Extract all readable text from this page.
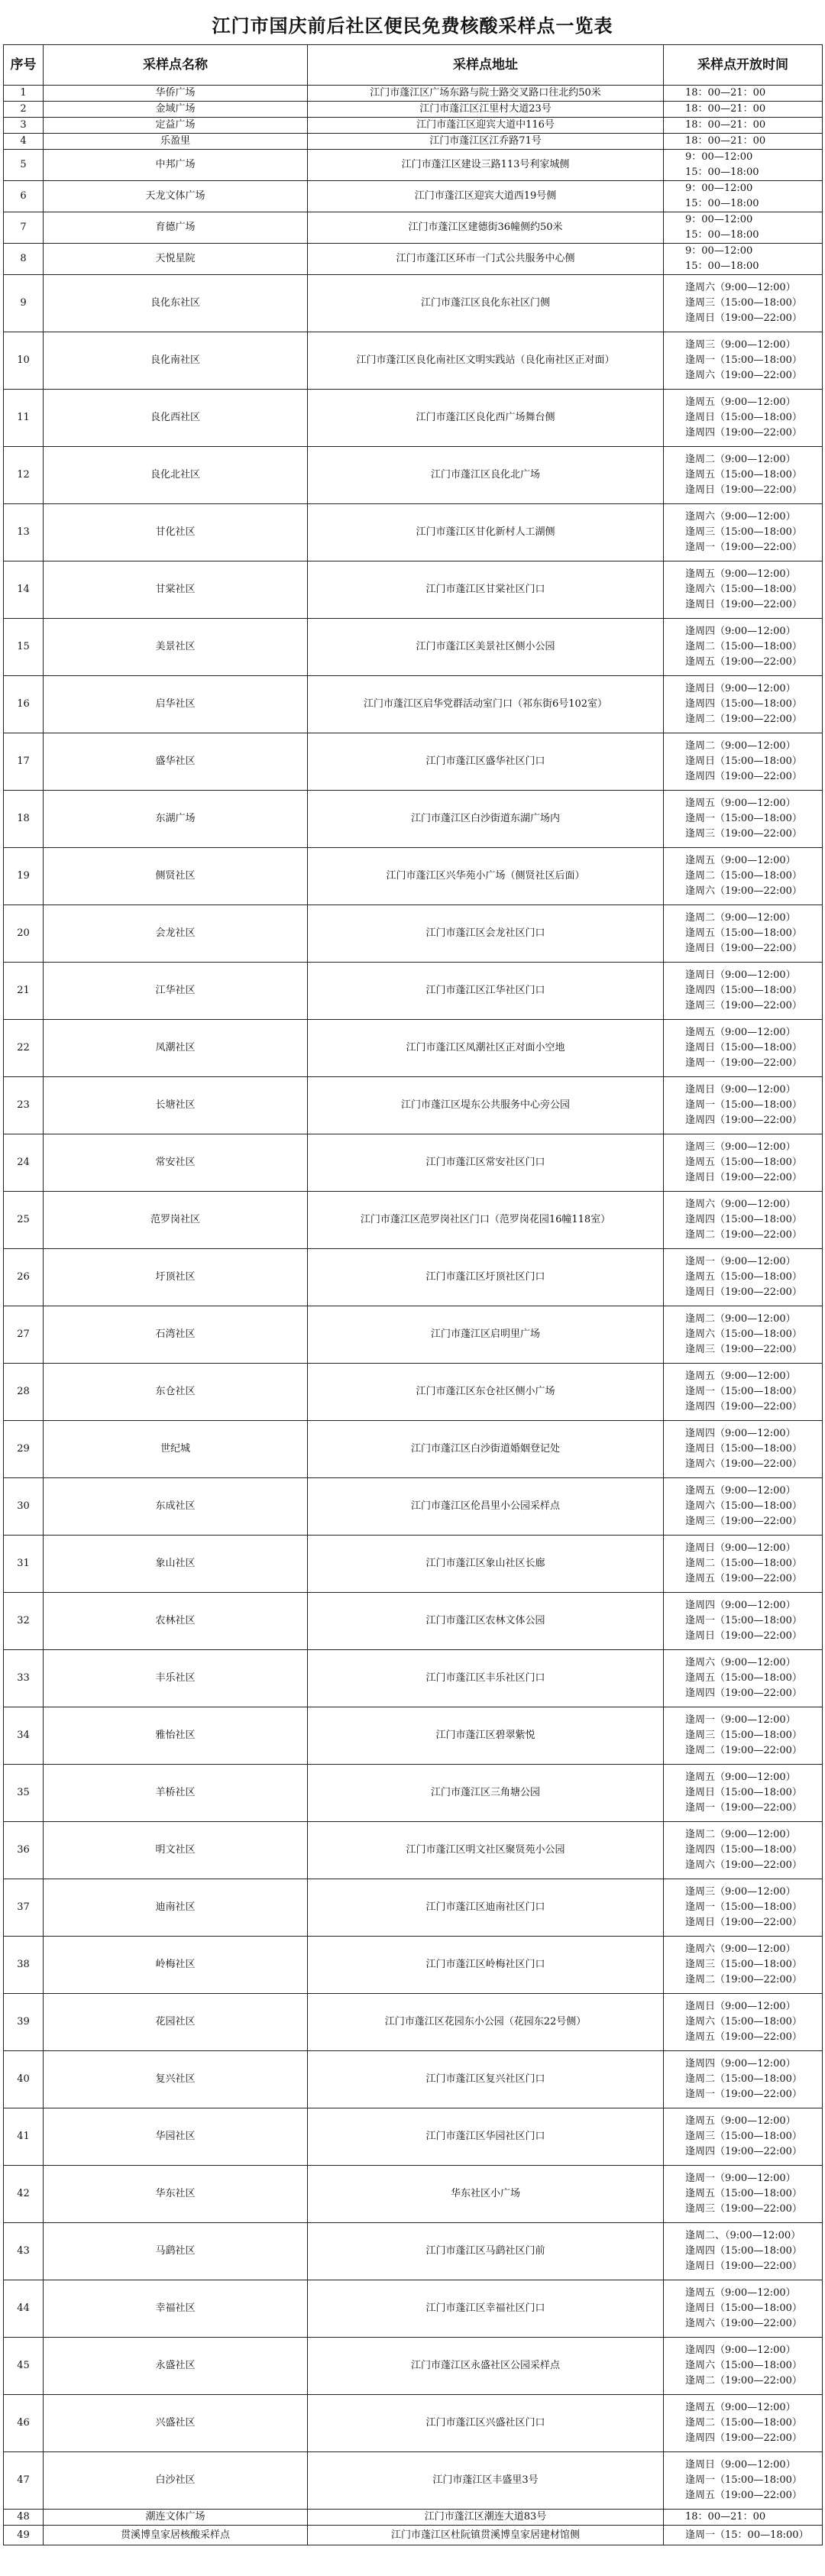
江门市国庆前后社区便民免费核酸采样点一览表
序号	采样点名称	采样点地址	采样点开放时间
1	华侨广场	江门市蓬江区广场东路与院士路交叉路口往北约50米	18：00—21：00

2	金域广场	江门市蓬江区江里村大道23号	18：00—21：00

3	定益广场	江门市蓬江区迎宾大道中116号	18：00—21：00

4	乐盈里	江门市蓬江区江乔路71号	18：00—21：00

5	中邦广场	江门市蓬江区建设三路113号利家城侧	9：00—12:00
15：00—18:00

6	天龙文体广场	江门市蓬江区迎宾大道西19号侧	9：00—12:00
15：00—18:00

7	育德广场	江门市蓬江区建德街36幢侧约50米	9：00—12:00
15：00—18:00

8	天悦星院	江门市蓬江区环市一门式公共服务中心侧	9：00—12:00
15：00—18:00

9	良化东社区	江门市蓬江区良化东社区门侧	逢周六（9:00—12:00）
逢周三（15:00—18:00）
逢周日（19:00—22:00）

10	良化南社区	江门市蓬江区良化南社区文明实践站（良化南社区正对面）	逢周三（9:00—12:00）
逢周一（15:00—18:00）
逢周六（19:00—22:00）

11	良化西社区	江门市蓬江区良化西广场舞台侧	逢周五（9:00—12:00）
逢周日（15:00—18:00）
逢周四（19:00—22:00）

12	良化北社区	江门市蓬江区良化北广场	逢周二（9:00—12:00）
逢周五（15:00—18:00）
逢周日（19:00—22:00）

13	甘化社区	江门市蓬江区甘化新村人工湖侧	逢周六（9:00—12:00）
逢周三（15:00—18:00）
逢周一（19:00—22:00）

14	甘棠社区	江门市蓬江区甘棠社区门口	逢周五（9:00—12:00）
逢周六（15:00—18:00）
逢周日（19:00—22:00）

15	美景社区	江门市蓬江区美景社区侧小公园	逢周四（9:00—12:00）
逢周二（15:00—18:00）
逢周五（19:00—22:00）

16	启华社区	江门市蓬江区启华党群活动室门口（祁东街6号102室）	逢周日（9:00—12:00）
逢周四（15:00—18:00）
逢周二（19:00—22:00）

17	盛华社区	江门市蓬江区盛华社区门口	逢周二（9:00—12:00）
逢周日（15:00—18:00）
逢周四（19:00—22:00）

18	东湖广场	江门市蓬江区白沙街道东湖广场内	逢周五（9:00—12:00）
逢周一（15:00—18:00）
逢周三（19:00—22:00）

19	侧贤社区	江门市蓬江区兴华苑小广场（侧贤社区后面）	逢周五（9:00—12:00）
逢周二（15:00—18:00）
逢周六（19:00—22:00）

20	会龙社区	江门市蓬江区会龙社区门口	逢周二（9:00—12:00）
逢周五（15:00—18:00）
逢周日（19:00—22:00）

21	江华社区	江门市蓬江区江华社区门口	逢周日（9:00—12:00）
逢周四（15:00—18:00）
逢周三（19:00—22:00）

22	凤潮社区	江门市蓬江区凤潮社区正对面小空地	逢周五（9:00—12:00）
逢周日（15:00—18:00）
逢周一（19:00—22:00）

23	长塘社区	江门市蓬江区堤东公共服务中心旁公园	逢周日（9:00—12:00）
逢周一（15:00—18:00）
逢周四（19:00—22:00）

24	常安社区	江门市蓬江区常安社区门口	逢周三（9:00—12:00）
逢周五（15:00—18:00）
逢周日（19:00—22:00）

25	范罗岗社区	江门市蓬江区范罗岗社区门口（范罗岗花园16幢118室）	逢周六（9:00—12:00）
逢周四（15:00—18:00）
逢周二（19:00—22:00）

26	圩顶社区	江门市蓬江区圩顶社区门口	逢周一（9:00—12:00）
逢周五（15:00—18:00）
逢周日（19:00—22:00）

27	石湾社区	江门市蓬江区启明里广场	逢周二（9:00—12:00）
逢周六（15:00—18:00）
逢周三（19:00—22:00）

28	东仓社区	江门市蓬江区东仓社区侧小广场	逢周五（9:00—12:00）
逢周一（15:00—18:00）
逢周四（19:00—22:00）

29	世纪城	江门市蓬江区白沙街道婚姻登记处	逢周四（9:00—12:00）
逢周日（15:00—18:00）
逢周六（19:00—22:00）

30	东成社区	江门市蓬江区伦昌里小公园采样点	逢周五（9:00—12:00）
逢周六（15:00—18:00）
逢周三（19:00—22:00）

31	象山社区	江门市蓬江区象山社区长廊	逢周日（9:00—12:00）
逢周二（15:00—18:00）
逢周五（19:00—22:00）

32	农林社区	江门市蓬江区农林文体公园	逢周四（9:00—12:00）
逢周一（15:00—18:00）
逢周日（19:00—22:00）

33	丰乐社区	江门市蓬江区丰乐社区门口	逢周六（9:00—12:00）
逢周五（15:00—18:00）
逢周四（19:00—22:00）

34	雅怡社区	江门市蓬江区碧翠紫悦	逢周一（9:00—12:00）
逢周三（15:00—18:00）
逢周二（19:00—22:00）

35	羊桥社区	江门市蓬江区三角塘公园	逢周五（9:00—12:00）
逢周日（15:00—18:00）
逢周一（19:00—22:00）

36	明文社区	江门市蓬江区明文社区聚贤苑小公园	逢周二（9:00—12:00）
逢周四（15:00—18:00）
逢周六（19:00—22:00）

37	迪南社区	江门市蓬江区迪南社区门口	逢周三（9:00—12:00）
逢周一（15:00—18:00）
逢周日（19:00—22:00）

38	岭梅社区	江门市蓬江区岭梅社区门口	逢周六（9:00—12:00）
逢周三（15:00—18:00）
逢周二（19:00—22:00）

39	花园社区	江门市蓬江区花园东小公园（花园东22号侧）	逢周日（9:00—12:00）
逢周六（15:00—18:00）
逢周五（19:00—22:00）

40	复兴社区	江门市蓬江区复兴社区门口	逢周四（9:00—12:00）
逢周二（15:00—18:00）
逢周一（19:00—22:00）

41	华园社区	江门市蓬江区华园社区门口	逢周五（9:00—12:00）
逢周三（15:00—18:00）
逢周四（19:00—22:00）

42	华东社区	华东社区小广场	逢周一（9:00—12:00）
逢周五（15:00—18:00）
逢周三（19:00—22:00）

43	马鹞社区	江门市蓬江区马鹞社区门前	逢周二、（9:00—12:00）
逢周四（15:00—18:00）
逢周日（19:00—22:00）

44	幸福社区	江门市蓬江区幸福社区门口	逢周五（9:00—12:00）
逢周日（15:00—18:00）
逢周六（19:00—22:00）

45	永盛社区	江门市蓬江区永盛社区公园采样点	逢周四（9:00—12:00）
逢周六（15:00—18:00）
逢周二（19:00—22:00）

46	兴盛社区	江门市蓬江区兴盛社区门口	逢周五（9:00—12:00）
逢周二（15:00—18:00）
逢周四（19:00—22:00）

47	白沙社区	江门市蓬江区丰盛里3号	逢周日（9:00—12:00）
逢周一（15:00—18:00）
逢周五（19:00—22:00）

48	潮连文体广场	江门市蓬江区潮连大道83号	18：00—21：00

49	贯溪博皇家居核酸采样点	江门市蓬江区杜阮镇贯溪博皇家居建材馆侧	逢周一（15：00—18:00）
